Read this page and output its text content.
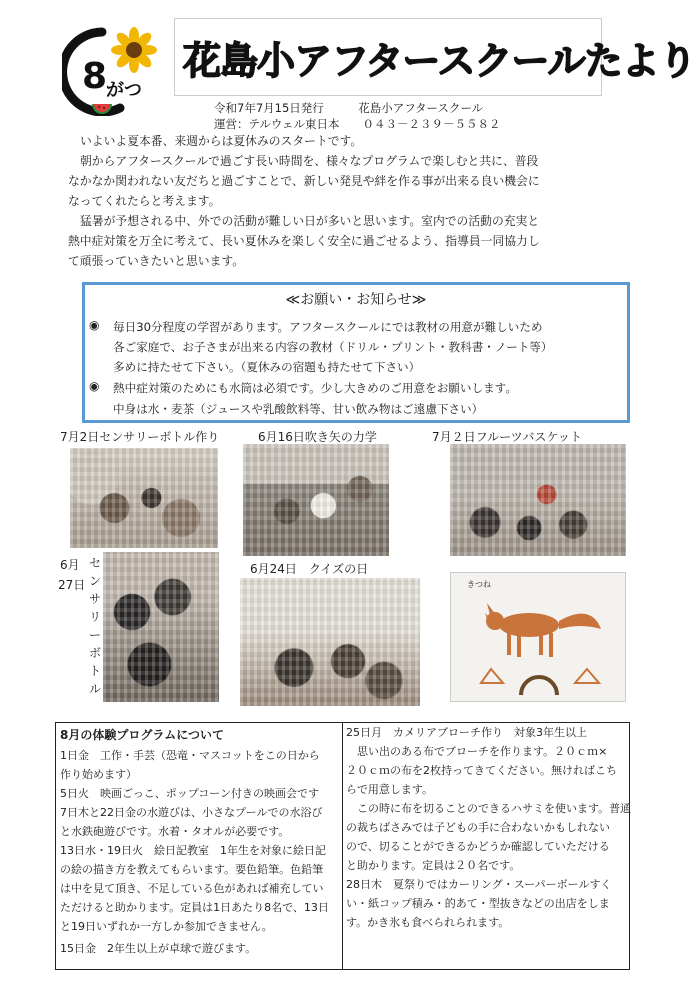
8
がつ
花島小アフタースクールたより
令和7年7月15日発行　　　花島小アフタースクール
運営：テルウェル東日本　　０４３－２３９－５５８２

いよいよ夏本番、来週からは夏休みのスタートです。

朝からアフタースクールで過ごす長い時間を、様々なプログラムで楽しむと共に、普段

なかなか関われない友だちと過ごすことで、新しい発見や絆を作る事が出来る良い機会に

なってくれたらと考えます。

猛暑が予想される中、外での活動が難しい日が多いと思います。室内での活動の充実と

熱中症対策を万全に考えて、長い夏休みを楽しく安全に過ごせるよう、指導員一同協力し

て頑張っていきたいと思います。

≪お願い・お知らせ≫
◉ 毎日30分程度の学習があります。アフタースクールにでは教材の用意が難しいため
各ご家庭で、お子さまが出来る内容の教材（ドリル・プリント・教科書・ノート等）
多めに持たせて下さい。（夏休みの宿題も持たせて下さい）
◉ 熱中症対策のためにも水筒は必須です。少し大きめのご用意をお願いします。
中身は水・麦茶（ジュースや乳酸飲料等、甘い飲み物はご遠慮下さい）
7月2日センサリーボトル作り	6月16日吹き矢の力学	7月２日フルーツバスケット
6月
27日
センサリーボトル
6月24日　クイズの日
きつね
8月の体験プログラムについて
1日金　工作・手芸（恐竜・マスコットをこの日から
作り始めます）
5日火　映画ごっこ、ポップコーン付きの映画会です
7日木と22日金の水遊びは、小さなプールでの水浴び
と水鉄砲遊びです。水着・タオルが必要です。
13日水・19日火　絵日記教室　1年生を対象に絵日記
の絵の描き方を教えてもらいます。要色鉛筆。色鉛筆
は中を見て頂き、不足している色があれば補充してい
ただけると助かります。定員は1日あたり8名で、13日
と19日いずれか一方しか参加できません。
15日金　2年生以上が卓球で遊びます。
25日月　カメリアブローチ作り　対象3年生以上
　思い出のある布でブローチを作ります。２０ｃｍ×
２０ｃｍの布を2枚持ってきてください。無ければこち
らで用意します。
　この時に布を切ることのできるハサミを使います。普通
の裁ちばさみでは子どもの手に合わないかもしれない
ので、切ることができるかどうか確認していただける
と助かります。定員は２０名です。
28日木　夏祭りではカーリング・スーパーボールすく
い・紙コップ積み・的あて・型抜きなどの出店をしま
す。かき氷も食べられられます。
